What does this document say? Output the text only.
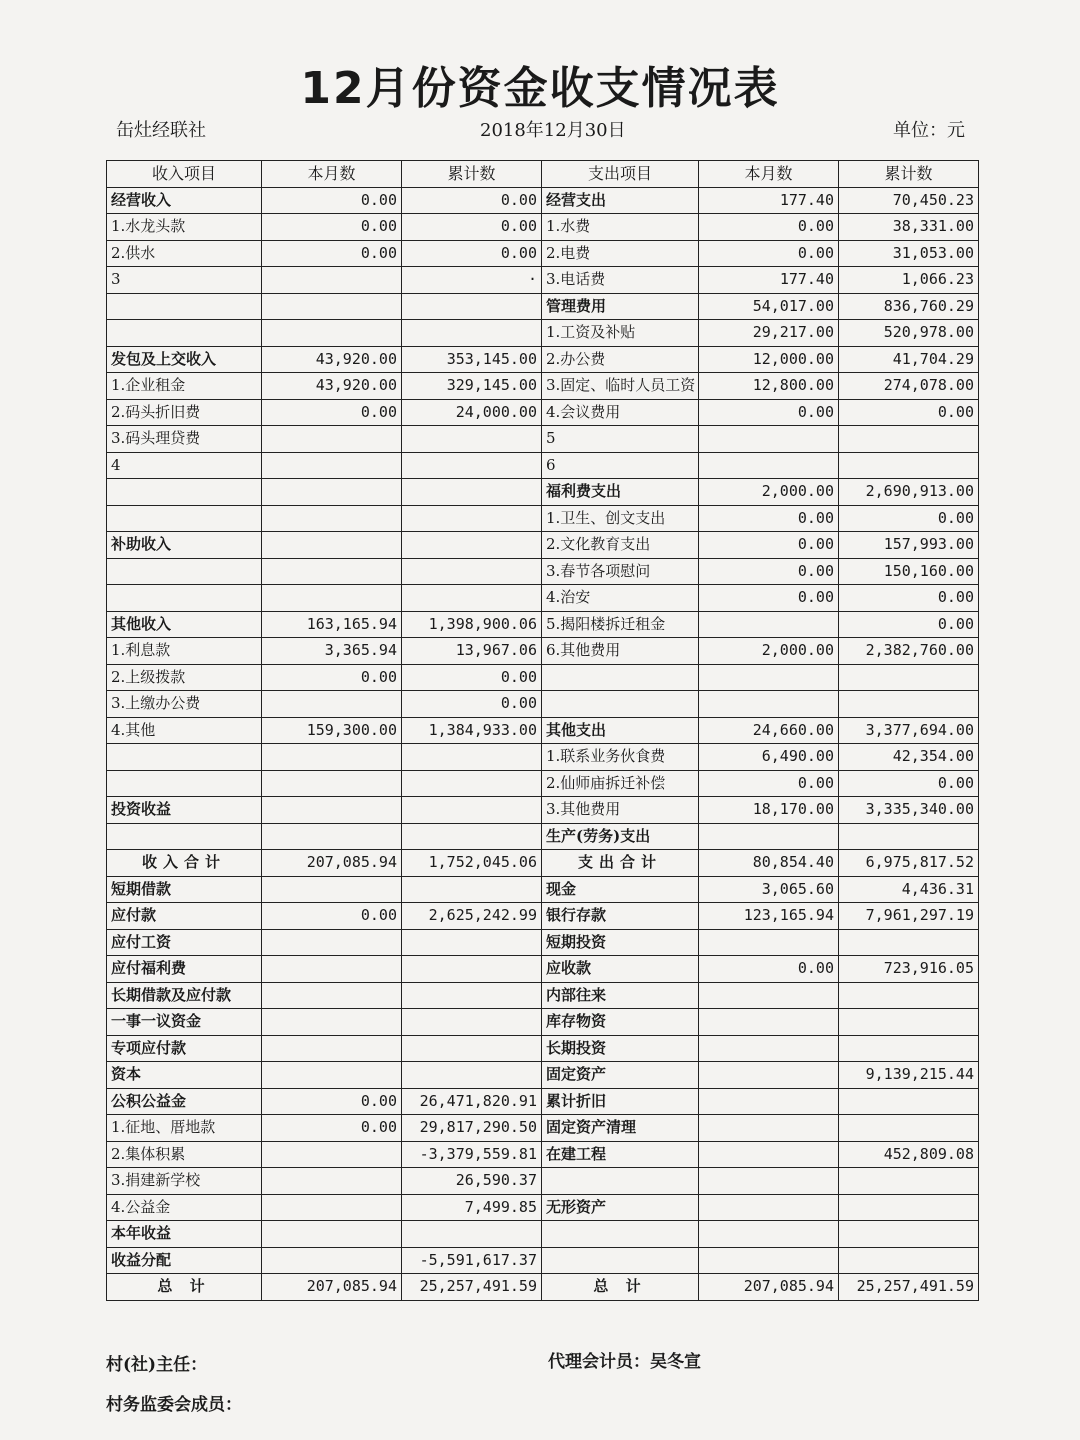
12月份资金收支情况表
缶灶经联社	2018年12月30日	单位：元
收入项目	本月数	累计数	支出项目	本月数	累计数
经营收入	0.00	0.00	经营支出	177.40	70,450.23
1.水龙头款	0.00	0.00	1.水费	0.00	38,331.00
2.供水	0.00	0.00	2.电费	0.00	31,053.00
3		·	3.电话费	177.40	1,066.23
			管理费用	54,017.00	836,760.29
			1.工资及补贴	29,217.00	520,978.00
发包及上交收入	43,920.00	353,145.00	2.办公费	12,000.00	41,704.29
1.企业租金	43,920.00	329,145.00	3.固定、临时人员工资	12,800.00	274,078.00
2.码头折旧费	0.00	24,000.00	4.会议费用	0.00	0.00
3.码头理贷费			5		
4			6		
			福利费支出	2,000.00	2,690,913.00
			1.卫生、创文支出	0.00	0.00
补助收入			2.文化教育支出	0.00	157,993.00
			3.春节各项慰问	0.00	150,160.00
			4.治安	0.00	0.00
其他收入	163,165.94	1,398,900.06	5.揭阳楼拆迁租金		0.00
1.利息款	3,365.94	13,967.06	6.其他费用	2,000.00	2,382,760.00
2.上级拨款	0.00	0.00			
3.上缴办公费		0.00			
4.其他	159,300.00	1,384,933.00	其他支出	24,660.00	3,377,694.00
			1.联系业务伙食费	6,490.00	42,354.00
			2.仙师庙拆迁补偿	0.00	0.00
投资收益			3.其他费用	18,170.00	3,335,340.00
			生产(劳务)支出		
收入合计	207,085.94	1,752,045.06	支出合计	80,854.40	6,975,817.52
短期借款			现金	3,065.60	4,436.31
应付款	0.00	2,625,242.99	银行存款	123,165.94	7,961,297.19
应付工资			短期投资		
应付福利费			应收款	0.00	723,916.05
长期借款及应付款			内部往来		
一事一议资金			库存物资		
专项应付款			长期投资		
资本			固定资产		9,139,215.44
公积公益金	0.00	26,471,820.91	累计折旧		
1.征地、厝地款	0.00	29,817,290.50	固定资产清理		
2.集体积累		-3,379,559.81	在建工程		452,809.08
3.捐建新学校		26,590.37			
4.公益金		7,499.85	无形资产		
本年收益					
收益分配		-5,591,617.37			
总 计	207,085.94	25,257,491.59	总 计	207,085.94	25,257,491.59
村(社)主任：	代理会计员：吴冬宣
村务监委会成员：
